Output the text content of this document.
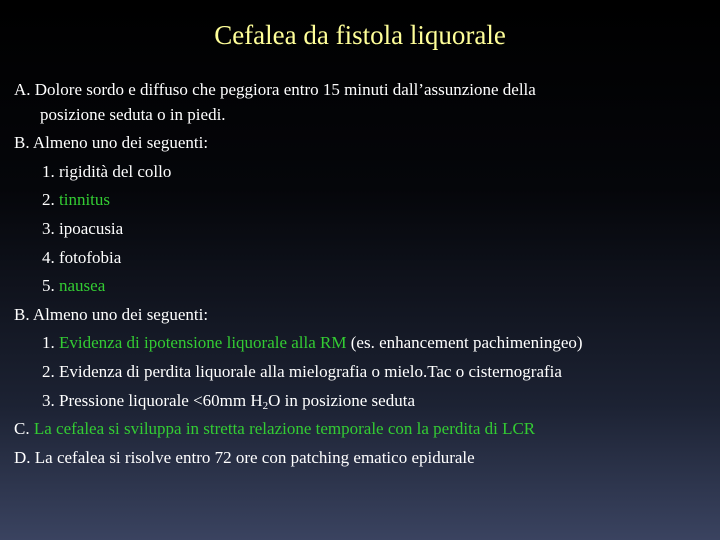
Cefalea da fistola liquorale
A. Dolore sordo e diffuso che peggiora entro 15 minuti dall’assunzione della
posizione seduta o in piedi.
B. Almeno uno dei seguenti:
1. rigidità del collo
2. tinnitus
3. ipoacusia
4. fotofobia
5. nausea
B. Almeno uno dei seguenti:
1. Evidenza di ipotensione liquorale alla RM (es. enhancement pachimeningeo)
2. Evidenza di perdita liquorale alla mielografia o mielo.Tac o cisternografia
3. Pressione liquorale <60mm $H_2O$ in posizione seduta
C. La cefalea si sviluppa in stretta relazione temporale con la perdita di LCR
D. La cefalea si risolve entro 72 ore con patching ematico epidurale
